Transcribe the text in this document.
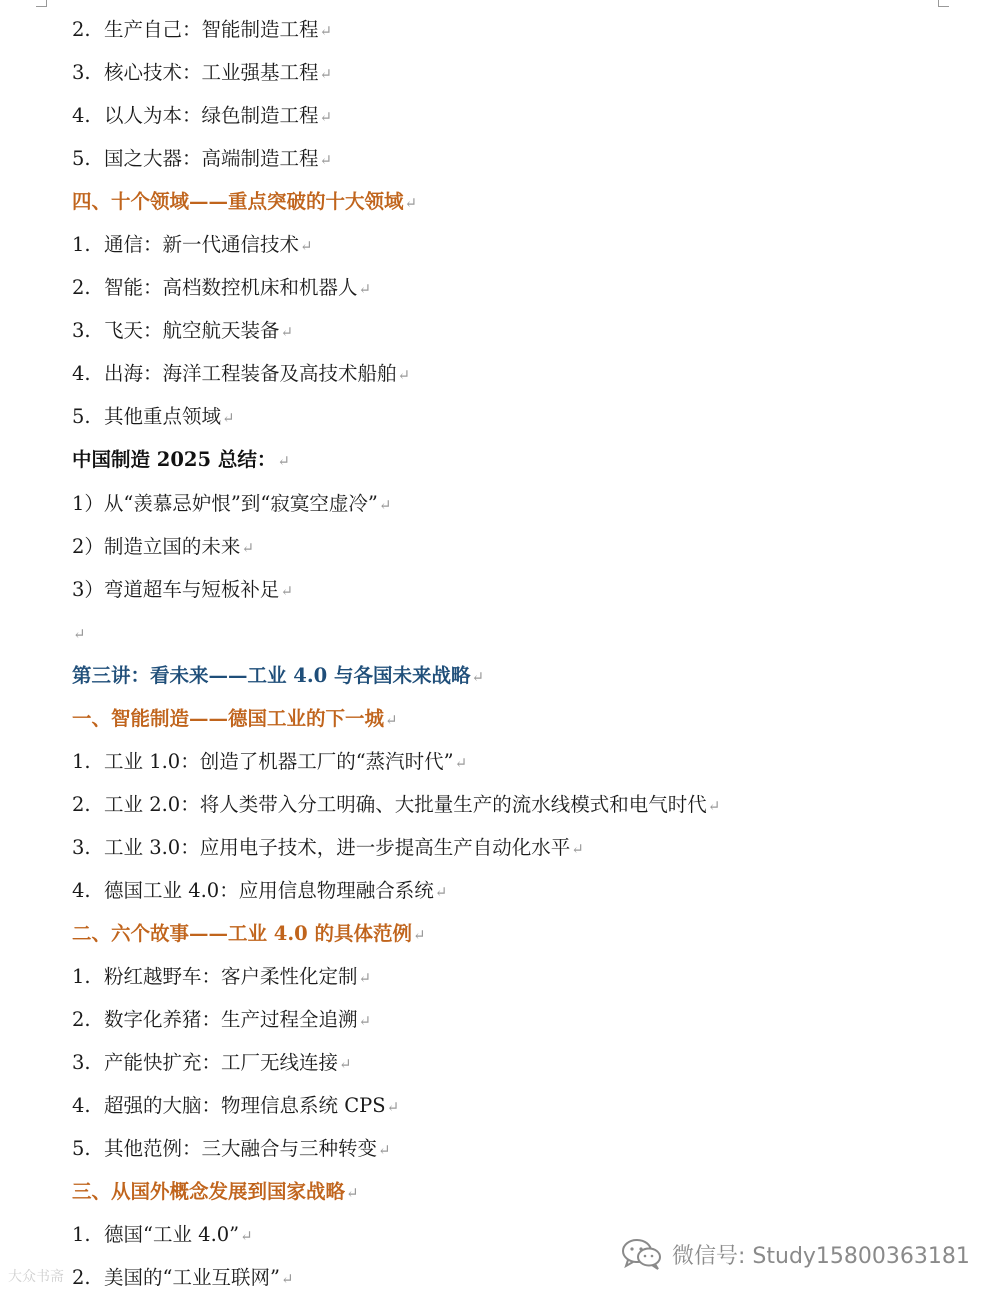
2. 生产自己：智能制造工程↵
3. 核心技术：工业强基工程↵
4. 以人为本：绿色制造工程↵
5. 国之大器：高端制造工程↵
四、十个领域——重点突破的十大领域↵
1. 通信：新一代通信技术↵
2. 智能：高档数控机床和机器人↵
3. 飞天：航空航天装备↵
4. 出海：海洋工程装备及高技术船舶↵
5. 其他重点领域↵
中国制造 2025 总结：↵
1）从“羡慕忌妒恨”到“寂寞空虚冷”↵
2）制造立国的未来↵
3）弯道超车与短板补足↵
↵
第三讲：看未来——工业 4.0 与各国未来战略↵
一、智能制造——德国工业的下一城↵
1. 工业 1.0：创造了机器工厂的“蒸汽时代”↵
2. 工业 2.0：将人类带入分工明确、大批量生产的流水线模式和电气时代↵
3. 工业 3.0：应用电子技术，进一步提高生产自动化水平↵
4. 德国工业 4.0：应用信息物理融合系统↵
二、六个故事——工业 4.0 的具体范例↵
1. 粉红越野车：客户柔性化定制↵
2. 数字化养猪：生产过程全追溯↵
3. 产能快扩充：工厂无线连接↵
4. 超强的大脑：物理信息系统 CPS↵
5. 其他范例：三大融合与三种转变↵
三、从国外概念发展到国家战略↵
1. 德国“工业 4.0”↵
2. 美国的“工业互联网”↵
大众书斋
微信号: Study15800363181
